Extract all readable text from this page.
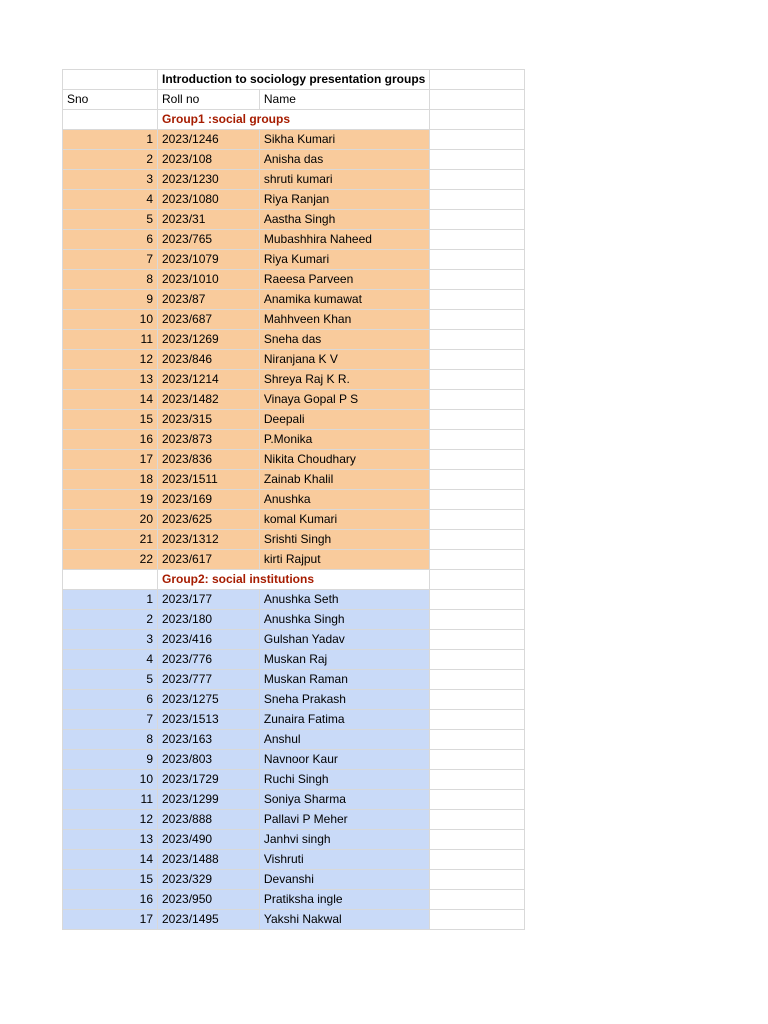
	Introduction to sociology presentation groups		
Sno	Roll no	Name	
	Group1 :social groups		
1	2023/1246	Sikha Kumari	
2	2023/108	Anisha das	
3	2023/1230	shruti kumari	
4	2023/1080	Riya Ranjan	
5	2023/31	Aastha Singh	
6	2023/765	Mubashhira Naheed	
7	2023/1079	Riya Kumari	
8	2023/1010	Raeesa Parveen	
9	2023/87	Anamika kumawat	
10	2023/687	Mahhveen Khan	
11	2023/1269	Sneha das	
12	2023/846	Niranjana K V	
13	2023/1214	Shreya Raj K R.	
14	2023/1482	Vinaya Gopal P S	
15	2023/315	Deepali	
16	2023/873	P.Monika	
17	2023/836	Nikita Choudhary	
18	2023/1511	Zainab Khalil	
19	2023/169	Anushka	
20	2023/625	komal Kumari	
21	2023/1312	Srishti Singh	
22	2023/617	kirti Rajput	
	Group2: social institutions		
1	2023/177	Anushka Seth	
2	2023/180	Anushka Singh	
3	2023/416	Gulshan Yadav	
4	2023/776	Muskan Raj	
5	2023/777	Muskan Raman	
6	2023/1275	Sneha Prakash	
7	2023/1513	Zunaira Fatima	
8	2023/163	Anshul	
9	2023/803	Navnoor Kaur	
10	2023/1729	Ruchi Singh	
11	2023/1299	Soniya Sharma	
12	2023/888	Pallavi P Meher	
13	2023/490	Janhvi singh	
14	2023/1488	Vishruti	
15	2023/329	Devanshi	
16	2023/950	Pratiksha ingle	
17	2023/1495	Yakshi Nakwal	
